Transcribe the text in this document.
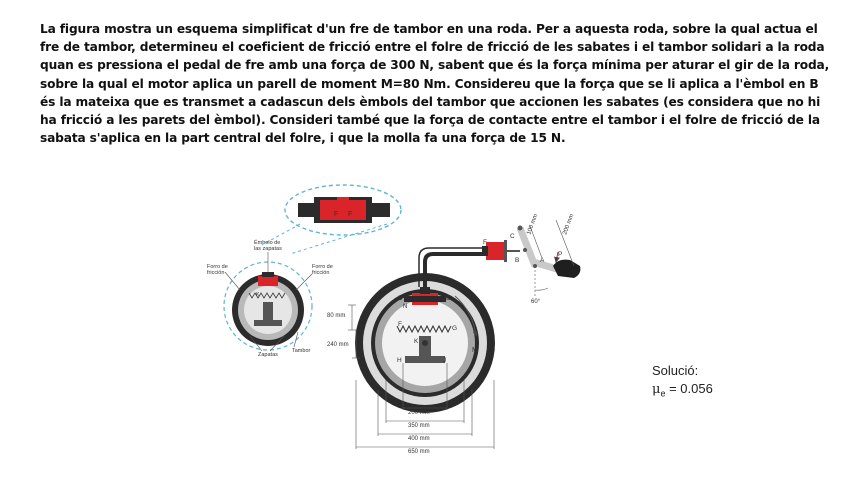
La figura mostra un esquema simplificat d'un fre de tambor en una roda. Per a aquesta roda, sobre la qual actua el
fre de tambor, determineu el coeficient de fricció entre el folre de fricció de les sabates i el tambor solidari a la roda
quan es pressiona el pedal de fre amb una força de 300 N, sabent que és la força mínima per aturar el gir de la roda,
sobre la qual el motor aplica un parell de moment M=80 Nm. Considereu que la força que se li aplica a l'èmbol en B
és la mateixa que es transmet a cadascun dels èmbols del tambor que accionen les sabates (es considera que no hi
ha fricció a les parets del èmbol). Consideri també que la força de contacte entre el tambor i el folre de fricció de la
sabata s'aplica en la part central del folre, i que la molla fa una força de 15 N.
F F
K
Émbolo de
las zapatas
Forro de
fricción
Forro de
fricción
Zapatas
Tambor
K
D	E
F
G
H	J
N
M
80 mm
240 mm
200 mm
350 mm
400 mm
650 mm
60°
100 mm	200 mm
C
B	A
F
P
Solució:
$\mu_e = 0.056$
